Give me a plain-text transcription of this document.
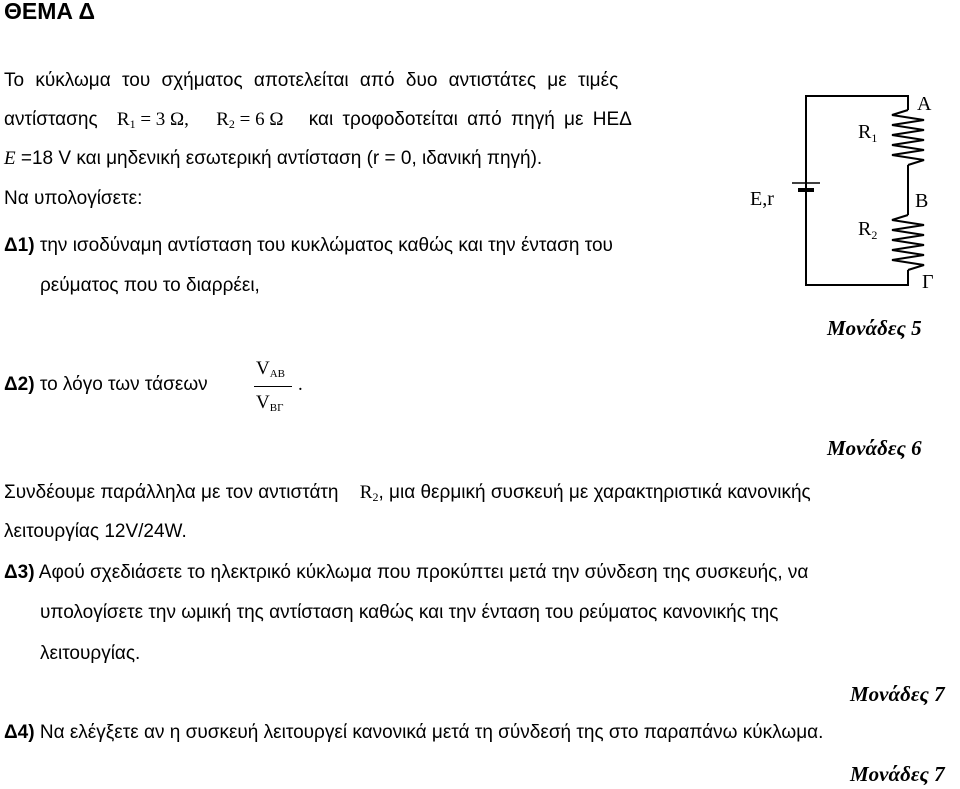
ΘΕΜΑ Δ
Το κύκλωμα του σχήματος αποτελείται από δυο αντιστάτες με τιμές
αντίστασης $R_1 = 3$ Ω, $R_2 = 6$ Ω και τροφοδοτείται από πηγή με ΗΕΔ
E =18 V και μηδενική εσωτερική αντίσταση (r = 0, ιδανική πηγή).
Να υπολογίσετε:
Δ1) την ισοδύναμη αντίσταση του κυκλώματος καθώς και την ένταση του
ρεύματος που το διαρρέει,
Μονάδες 5
Δ2) το λόγο των τάσεων
$V_{AB}$
$V_{B\Gamma}$
.
Μονάδες 6
Συνδέουμε παράλληλα με τον αντιστάτη $R_2$, μια θερμική συσκευή με χαρακτηριστικά κανονικής
λειτουργίας 12V/24W.
Δ3) Αφού σχεδιάσετε το ηλεκτρικό κύκλωμα που προκύπτει μετά την σύνδεση της συσκευής, να
υπολογίσετε την ωμική της αντίσταση καθώς και την ένταση του ρεύματος κανονικής της
λειτουργίας.
Μονάδες 7
Δ4) Να ελέγξετε αν η συσκευή λειτουργεί κανονικά μετά τη σύνδεσή της στο παραπάνω κύκλωμα.
Μονάδες 7
E,r
$R_1$
$R_2$
A
B
Γ
